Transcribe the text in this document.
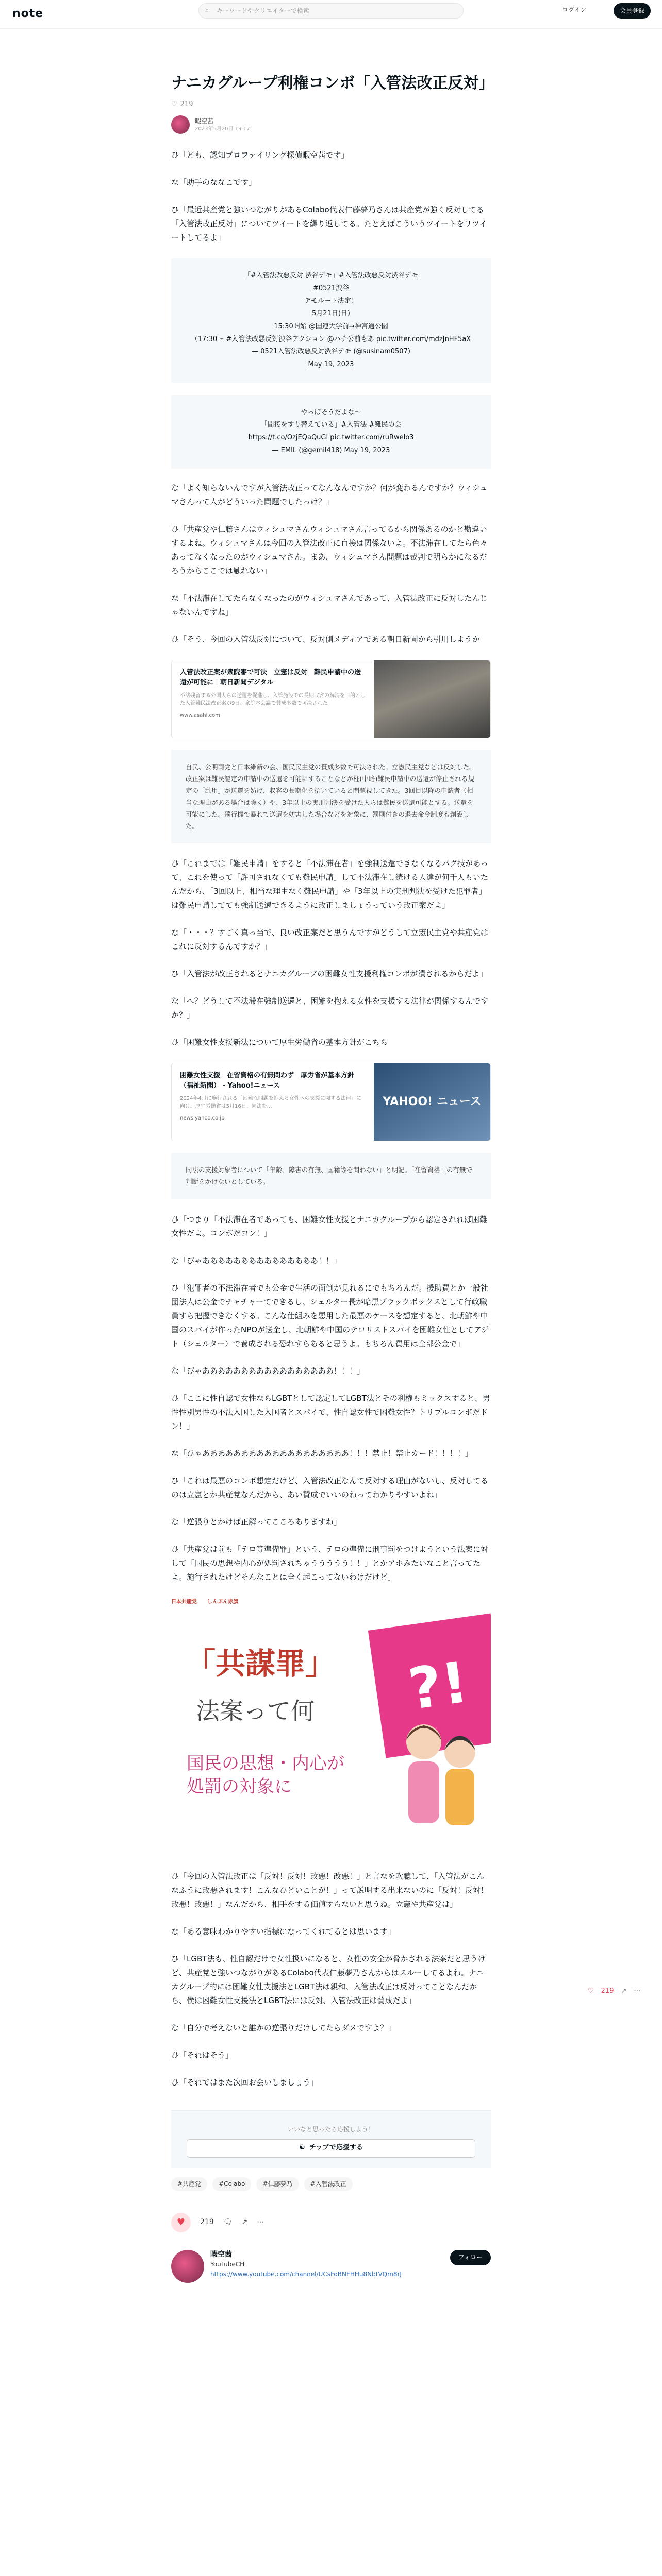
note	⌕	キーワードやクリエイターで検索	ログイン	会員登録
ナニカグループ利権コンボ「入管法改正反対」
♡ 219
暇空茜
2023年5月20日 19:17

ひ「ども、認知プロファイリング探偵暇空茜です」

な「助手のななこです」

ひ「最近共産党と強いつながりがあるColabo代表仁藤夢乃さんは共産党が強く反対してる「入管法改正反対」についてツイートを繰り返してる。たとえばこういうツイートをリツイートしてるよ」

「#入管法改悪反対 渋谷デモ」#入管法改悪反対渋谷デモ
#0521渋谷
デモルート決定！
5月21日(日)
15:30開始 @国連大学前→神宮通公園
（17:30〜 #入管法改悪反対渋谷アクション @ハチ公前もあ pic.twitter.com/mdzJnHF5aX
— 0521入管法改悪反対渋谷デモ (@susinam0507)
May 19, 2023
やっぱそうだよな〜
「間接をすり替えている」#入管法 #難民の会
https://t.co/OzjEQaQuGl pic.twitter.com/ruRwelo3
— EMIL (@gemil418) May 19, 2023

な「よく知らないんですが入管法改正ってなんなんですか？何が変わるんですか？ウィシュマさんって人がどういった問題でしたっけ？」

ひ「共産党や仁藤さんはウィシュマさんウィシュマさん言ってるから関係あるのかと勘違いするよね。ウィシュマさんは今回の入管法改正に直接は関係ないよ。不法滞在してたら色々あってなくなったのがウィシュマさん。まあ、ウィシュマさん問題は裁判で明らかになるだろうからここでは触れない」

な「不法滞在してたらなくなったのがウィシュマさんであって、入管法改正に反対したんじゃないんですね」

ひ「そう、今回の入管法反対について、反対側メディアである朝日新聞から引用しようか

入管法改正案が衆院審で可決　立憲は反対　難民申請中の送還が可能に｜朝日新聞デジタル
不法残留する外国人らの送還を促進し、入管施設での長期収容の解消を目的とした入管難民法改正案が9日、衆院本会議で賛成多数で可決された。
www.asahi.com
自民、公明両党と日本維新の会、国民民主党の賛成多数で可決された。立憲民主党などは反対した。改正案は難民認定の申請中の送還を可能にすることなどが柱(中略)難民申請中の送還が停止される規定の「乱用」が送還を妨げ、収容の長期化を招いていると問題視してきた。3回目以降の申請者（相当な理由がある場合は除く）や、3年以上の実刑判決を受けた人らは難民を送還可能とする。送還を可能にした。飛行機で暴れて送還を妨害した場合などを対象に、罰則付きの退去命令制度も創設した。

ひ「これまでは「難民申請」をすると「不法滞在者」を強制送還できなくなるバグ技があって、これを使って「許可されなくても難民申請」して不法滞在し続ける人達が何千人もいたんだから、「3回以上、相当な理由なく難民申請」や「3年以上の実刑判決を受けた犯罪者」は難民申請してても強制送還できるように改正しましょうっていう改正案だよ」

な「・・・？すごく真っ当で、良い改正案だと思うんですがどうして立憲民主党や共産党はこれに反対するんですか？」

ひ「入管法が改正されるとナニカグループの困難女性支援利権コンボが潰されるからだよ」

な「へ？どうして不法滞在強制送還と、困難を抱える女性を支援する法律が関係するんですか？」

ひ「困難女性支援新法について厚生労働省の基本方針がこちら

困難女性支援　在留資格の有無問わず　厚労省が基本方針（福祉新聞） - Yahoo!ニュース
2024年4月に施行される「困難な問題を抱える女性への支援に関する法律」に向け、厚生労働省は5月16日、同法を…
news.yahoo.co.jp
YAHOO! ニュース
同法の支援対象者について「年齢、障害の有無、国籍等を問わない」と明記。「在留資格」の有無で判断をかけないとしている。

ひ「つまり「不法滞在者であっても、困難女性支援とナニカグループから認定されれば困難女性だよ。コンボだヨン！」

な「ぴゃあああああああああああああああ！！」

ひ「犯罪者の不法滞在者でも公金で生活の面倒が見れるにでもちろんだ。援助費とか一般社団法人は公金でチャチャーてできるし、シェルター長が暗黒ブラックボックスとして行政職員すら把握できなくする。こんな仕組みを悪用した最悪のケースを想定すると、北朝鮮や中国のスパイが作ったNPOが送金し、北朝鮮や中国のテロリストスパイを困難女性としてアジト（シェルター）で養成される恐れすらあると思うよ。もちろん費用は全部公金で」

な「ぴゃあああああああああああああああああ！！！」

ひ「ここに性自認で女性ならLGBTとして認定してLGBT法とその利権もミックスすると、男性性別男性の不法入国した入国者とスパイで、性自認女性で困難女性？トリプルコンボだドン！」

な「ぴゃあああああああああああああああああああ！！！禁止！禁止カード！！！！」

ひ「これは最悪のコンボ想定だけど、入管法改正なんて反対する理由がないし、反対してるのは立憲とか共産党なんだから、あい賛成でいいのねってわかりやすいよね」

な「逆張りとかけば正解ってこころありますね」

ひ「共産党は前も「テロ等準備罪」という、テロの準備に刑事罰をつけようという法案に対して「国民の思想や内心が処罰されちゃううううう！！」とかアホみたいなこと言ってたよ。施行されたけどそんなことは全く起こってないわけだけど」

日本共産党 しんぶん赤旗
?!
「共謀罪」
法案って何
国民の思想・内心が
処罰の対象に

ひ「今回の入管法改正は「反対！反対！改悪！改悪！」と言なを吹聴して、「入管法がこんなふうに改悪されます！こんなひどいことが！」って説明する出来ないのに「反対！反対！改悪！改悪！」なんだから、相手をする価値すらないと思うね。立憲や共産党は」

な「ある意味わかりやすい指標になってくれてるとは思います」

ひ「LGBT法も、性自認だけで女性扱いになると、女性の安全が脅かされる法案だと思うけど、共産党と強いつながりがあるColabo代表仁藤夢乃さんからはスルーしてるよね。ナニカグループ的には困難女性支援法とLGBT法は親和、入管法改正は反対ってことなんだから、僕は困難女性支援法とLGBT法には反対、入管法改正は賛成だよ」

な「自分で考えないと誰かの逆張りだけしてたらダメですよ？」

ひ「それはそう」

ひ「それではまた次回お会いしましょう」

いいなと思ったら応援しよう！
☯ チップで応援する
#共産党	#Colabo	#仁藤夢乃	#入管法改正
♥ 219 🗨 ↗ ⋯
暇空茜
YouTubeCH https://www.youtube.com/channel/UCsFoBNFHHu8NbtVQm8rJ
フォロー
♡ 219 ↗ ⋯
